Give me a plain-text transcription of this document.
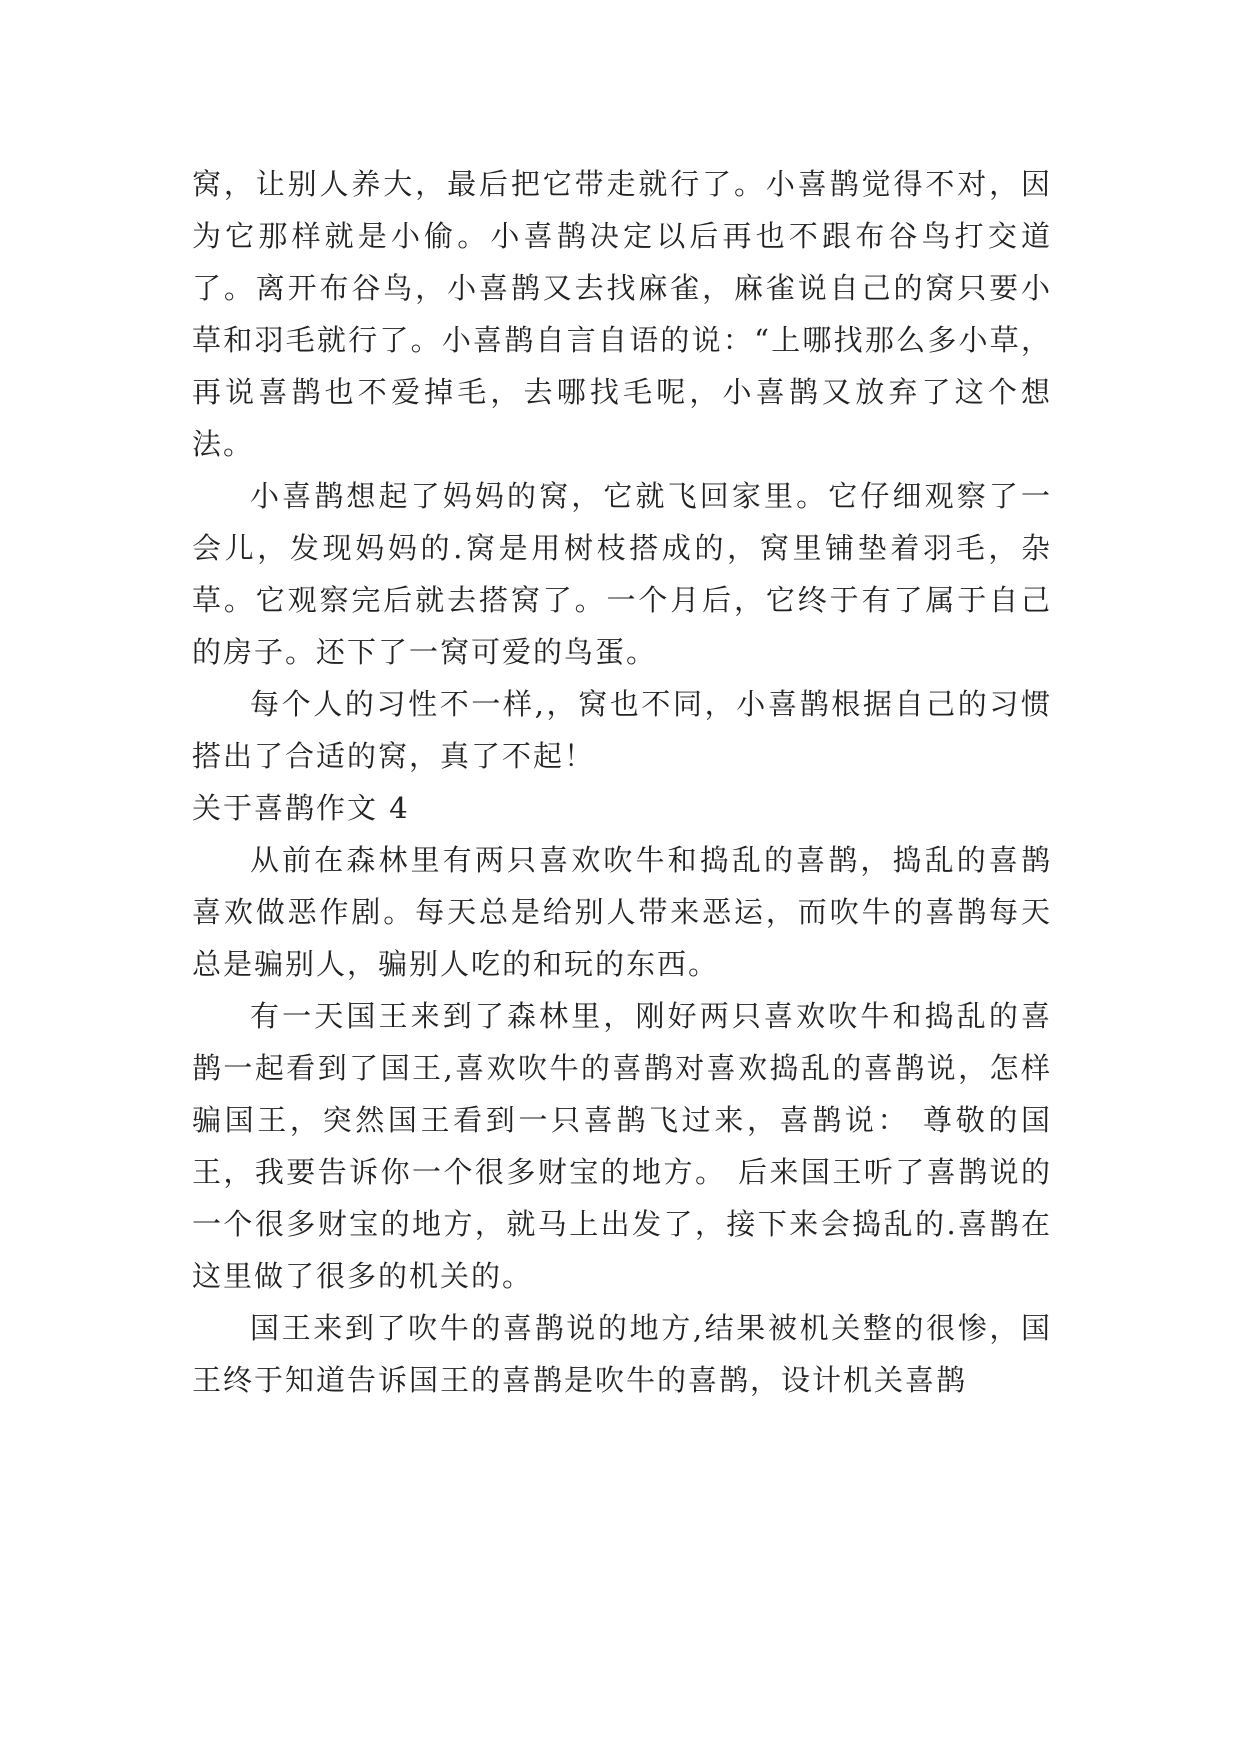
窝，让别人养大，最后把它带走就行了。小喜鹊觉得不对，因为它那样就是小偷。小喜鹊决定以后再也不跟布谷鸟打交道了。离开布谷鸟，小喜鹊又去找麻雀，麻雀说自己的窝只要小草和羽毛就行了。小喜鹊自言自语的说：“上哪找那么多小草，再说喜鹊也不爱掉毛，去哪找毛呢，小喜鹊又放弃了这个想法。

小喜鹊想起了妈妈的窝，它就飞回家里。它仔细观察了一会儿，发现妈妈的.窝是用树枝搭成的，窝里铺垫着羽毛，杂草。它观察完后就去搭窝了。一个月后，它终于有了属于自己的房子。还下了一窝可爱的鸟蛋。

每个人的习性不一样,，窝也不同，小喜鹊根据自己的习惯搭出了合适的窝，真了不起！

关于喜鹊作文 4

从前在森林里有两只喜欢吹牛和捣乱的喜鹊，捣乱的喜鹊喜欢做恶作剧。每天总是给别人带来恶运，而吹牛的喜鹊每天总是骗别人，骗别人吃的和玩的东西。

有一天国王来到了森林里，刚好两只喜欢吹牛和捣乱的喜鹊一起看到了国王,喜欢吹牛的喜鹊对喜欢捣乱的喜鹊说，怎样骗国王，突然国王看到一只喜鹊飞过来，喜鹊说： 尊敬的国王，我要告诉你一个很多财宝的地方。 后来国王听了喜鹊说的一个很多财宝的地方，就马上出发了，接下来会捣乱的.喜鹊在这里做了很多的机关的。

国王来到了吹牛的喜鹊说的地方,结果被机关整的很惨，国王终于知道告诉国王的喜鹊是吹牛的喜鹊，设计机关喜鹊
